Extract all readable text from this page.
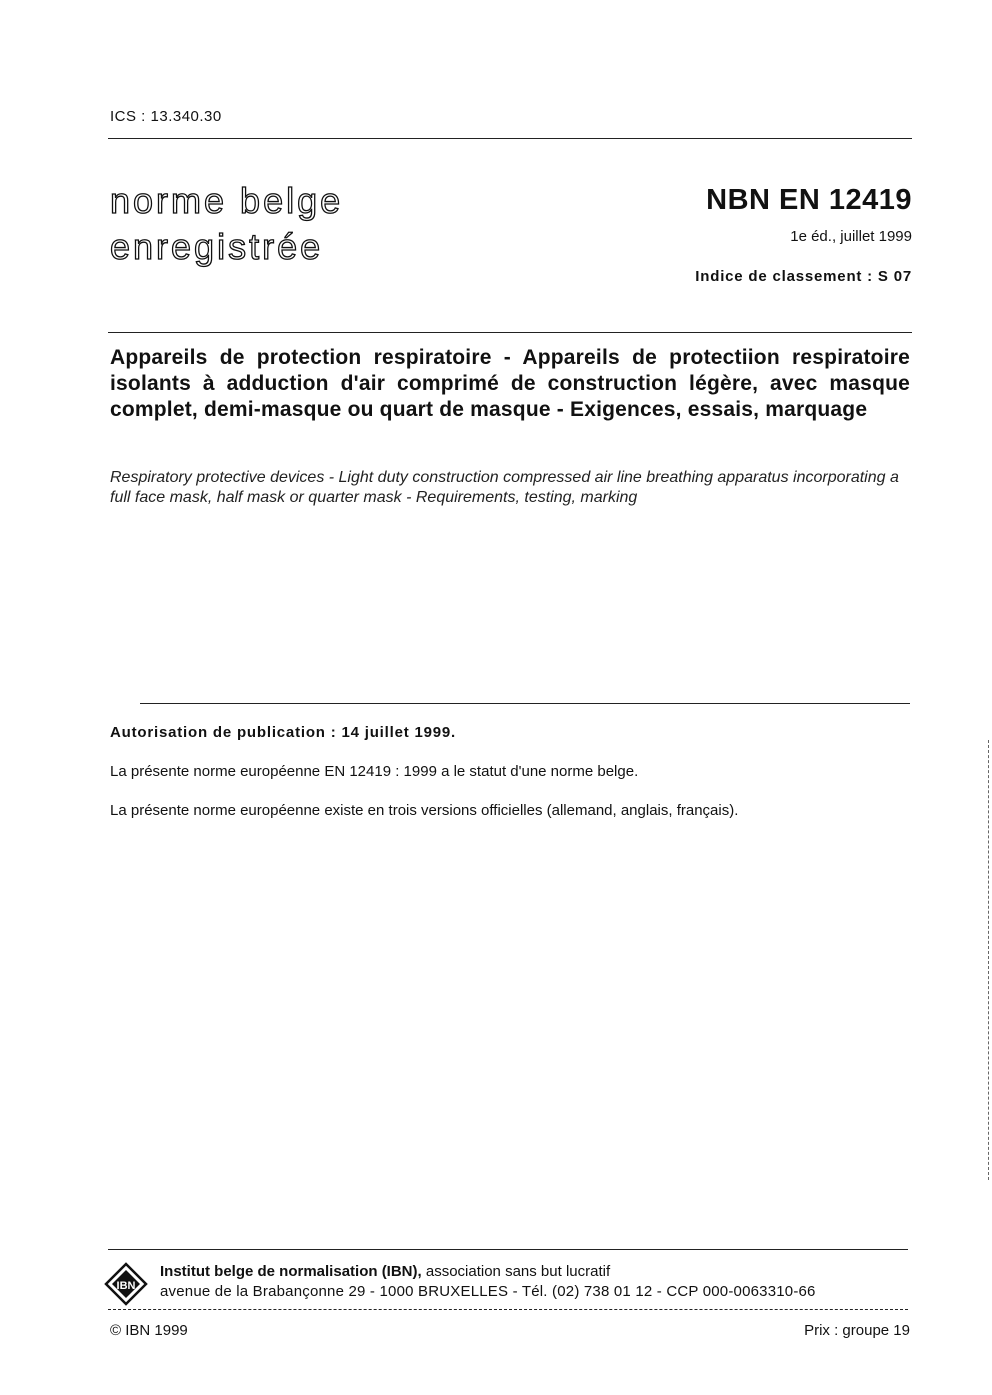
ICS : 13.340.30
norme belge
enregistrée
NBN EN 12419
1e éd., juillet 1999
Indice de classement : S 07
Appareils de protection respiratoire - Appareils de protectiion respiratoire isolants à adduction d'air comprimé de construction légère, avec masque complet, demi-masque ou quart de masque - Exigences, essais, marquage
Respiratory protective devices - Light duty construction compressed air line breathing apparatus incorporating a full face mask, half mask or quarter mask - Requirements, testing, marking
Autorisation de publication : 14 juillet 1999.
La présente norme européenne EN 12419 : 1999 a le statut d'une norme belge.
La présente norme européenne existe en trois versions officielles (allemand, anglais, français).
IBN
Institut belge de normalisation (IBN), association sans but lucratif
avenue de la Brabançonne 29 - 1000 BRUXELLES - Tél. (02) 738 01 12 - CCP 000-0063310-66
© IBN 1999	Prix : groupe 19
